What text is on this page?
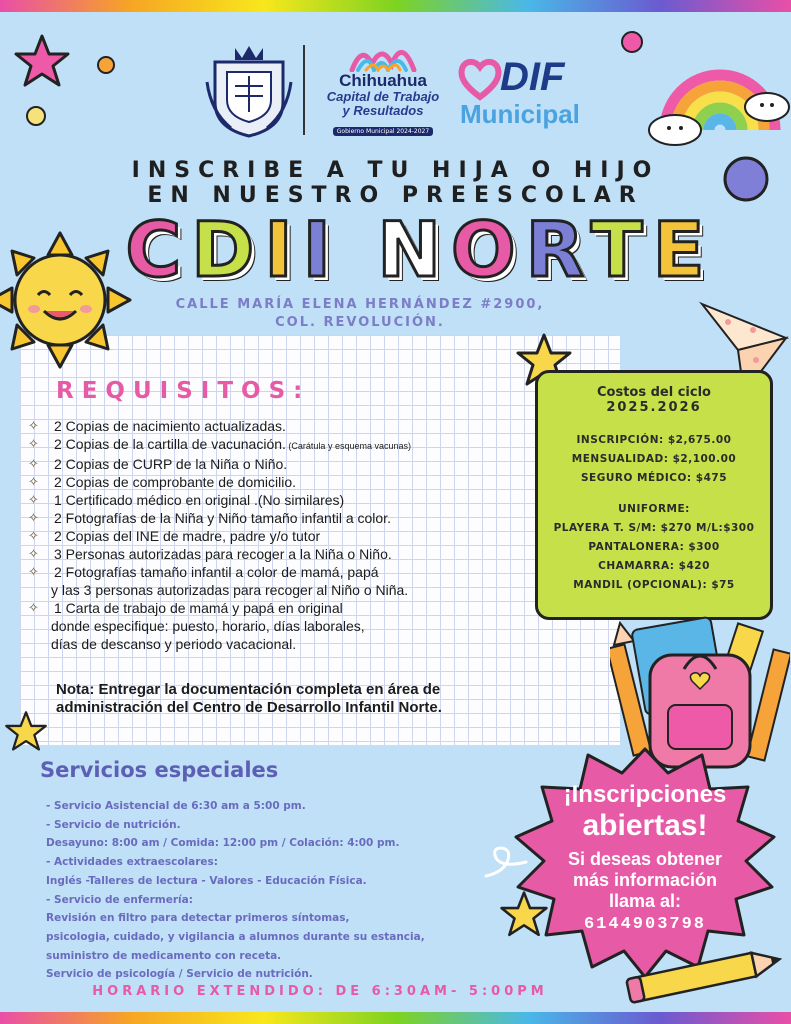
Chihuahua
Capital de Trabajo
y Resultados
Gobierno Municipal 2024-2027
DIF
Municipal
INSCRIBE A TU HIJA O HIJO
EN NUESTRO PREESCOLAR
CDII NORTE
CALLE MARÍA ELENA HERNÁNDEZ #2900,
COL. REVOLUCIÓN.
REQUISITOS:
✧ 2 Copias de nacimiento actualizadas.
✧ 2 Copias de la cartilla de vacunación. (Carátula y esquema vacunas)
✧ 2 Copias de CURP de la Niña o Niño.
✧ 2 Copias de comprobante de domicilio.
✧ 1 Certificado médico en original .(No similares)
✧ 2 Fotografías de la Niña y Niño tamaño infantil a color.
✧ 2 Copias del INE de madre, padre y/o tutor
✧ 3 Personas autorizadas para recoger a la Niña o Niño.
✧ 2 Fotografías tamaño infantil a color de mamá, papá
y las 3 personas autorizadas para recoger al Niño o Niña.
✧ 1 Carta de trabajo de mamá y papá en original
donde especifique: puesto, horario, días laborales,
días de descanso y periodo vacacional.
Nota: Entregar la documentación completa en área de
administración del Centro de Desarrollo Infantil Norte.
Costos del ciclo
2025.2026
INSCRIPCIÓN: $2,675.00
MENSUALIDAD: $2,100.00
SEGURO MÉDICO: $475
UNIFORME:
PLAYERA T. S/M: $270 M/L:$300
PANTALONERA: $300
CHAMARRA: $420
MANDIL (OPCIONAL): $75
Servicios especiales
- Servicio Asistencial de 6:30 am a 5:00 pm.
- Servicio de nutrición.
Desayuno: 8:00 am / Comida: 12:00 pm / Colación: 4:00 pm.
- Actividades extraescolares:
Inglés -Talleres de lectura - Valores - Educación Física.
- Servicio de enfermería:
Revisión en filtro para detectar primeros síntomas,
psicologia, cuidado, y vigilancia a alumnos durante su estancia,
suministro de medicamento con receta.
Servicio de psicología / Servicio de nutrición.
¡Inscripciones
abiertas!
Si deseas obtener
más información
llama al:
6144903798
HORARIO EXTENDIDO: DE 6:30AM- 5:00PM
